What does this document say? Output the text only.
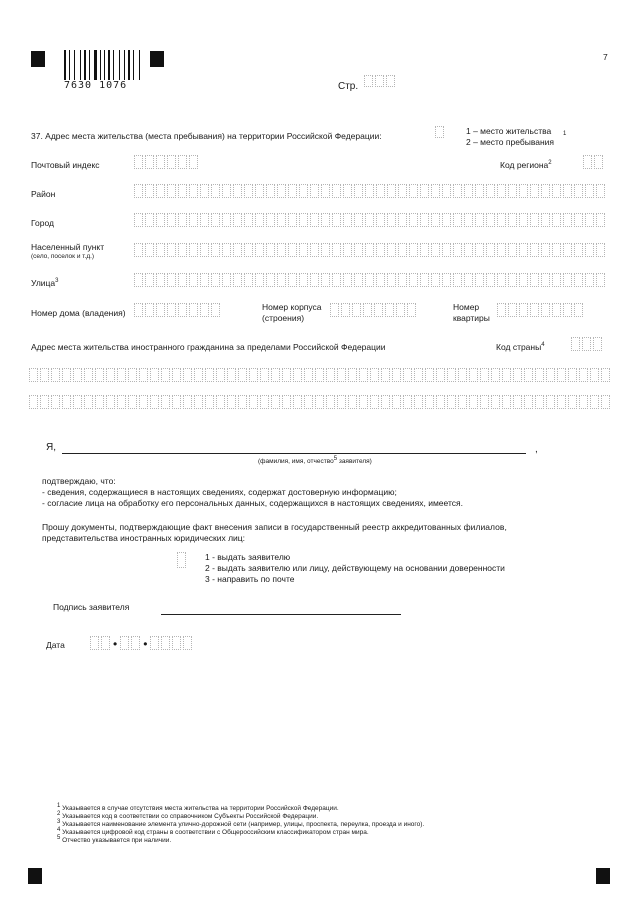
7630 1076
7
Стр.
37. Адрес места жительства (места пребывания) на территории Российской Федерации:	1 – место жительства 1
2 – место пребывания
Почтовый индекс	Код региона$^2$
Район
Город
Населенный пункт
(село, поселок и т.д.)
Улица$^3$
Номер дома (владения)
Номер корпуса
(строения)
Номер
квартиры
Адрес места жительства иностранного гражданина за пределами Российской Федерации	Код страны$^4$
Я,	,
(фамилия, имя, отчество$^5$ заявителя)
подтверждаю, что:
- сведения, содержащиеся в настоящих сведениях, содержат достоверную информацию;
- согласие лица на обработку его персональных данных, содержащихся в настоящих сведениях, имеется.
Прошу документы, подтверждающие факт внесения записи в государственный реестр аккредитованных филиалов,
представительства иностранных юридических лиц:
1 - выдать заявителю
2 - выдать заявителю или лицу, действующему на основании доверенности
3 - направить по почте
Подпись заявителя
Дата	• •
$^1$ Указывается в случае отсутствия места жительства на территории Российской Федерации.
$^2$ Указывается код в соответствии со справочником Субъекты Российской Федерации.
$^3$ Указывается наименование элемента улично-дорожной сети (например, улицы, проспекта, переулка, проезда и иного).
$^4$ Указывается цифровой код страны в соответствии с Общероссийским классификатором стран мира.
$^5$ Отчество указывается при наличии.
